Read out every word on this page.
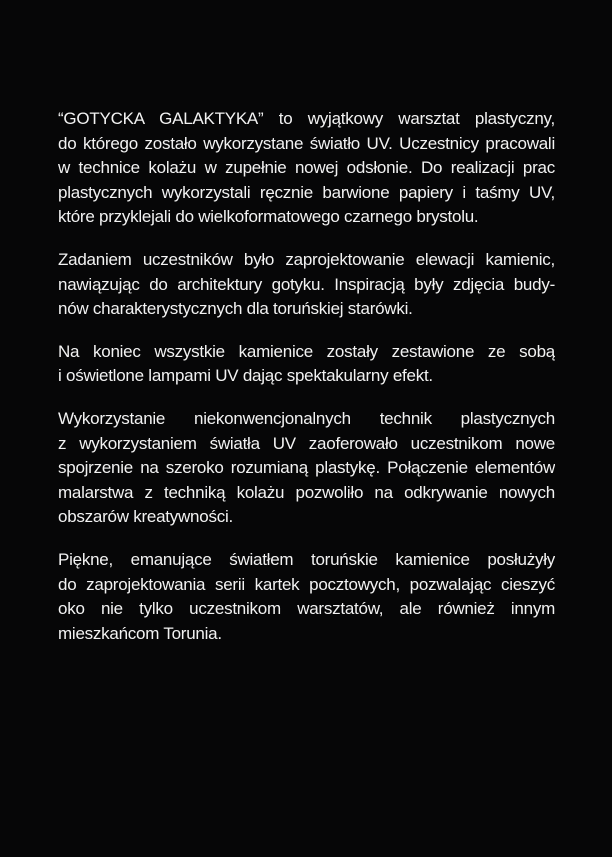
“GOTYCKA GALAKTYKA” to wyjątkowy warsztat plastyczny,
do którego zostało wykorzystane światło UV. Uczestnicy pracowali
w technice kolażu w zupełnie nowej odsłonie. Do realizacji prac
plastycznych wykorzystali ręcznie barwione papiery i taśmy UV,
które przyklejali do wielkoformatowego czarnego brystolu.

Zadaniem uczestników było zaprojektowanie elewacji kamienic,
nawiązując do architektury gotyku. Inspiracją były zdjęcia budy-
nów charakterystycznych dla toruńskiej starówki.

Na koniec wszystkie kamienice zostały zestawione ze sobą
i oświetlone lampami UV dając spektakularny efekt.

Wykorzystanie niekonwencjonalnych technik plastycznych
z wykorzystaniem światła UV zaoferowało uczestnikom nowe
spojrzenie na szeroko rozumianą plastykę. Połączenie elementów
malarstwa z techniką kolażu pozwoliło na odkrywanie nowych
obszarów kreatywności.

Piękne, emanujące światłem toruńskie kamienice posłużyły
do zaprojektowania serii kartek pocztowych, pozwalając cieszyć
oko nie tylko uczestnikom warsztatów, ale również innym
mieszkańcom Torunia.
